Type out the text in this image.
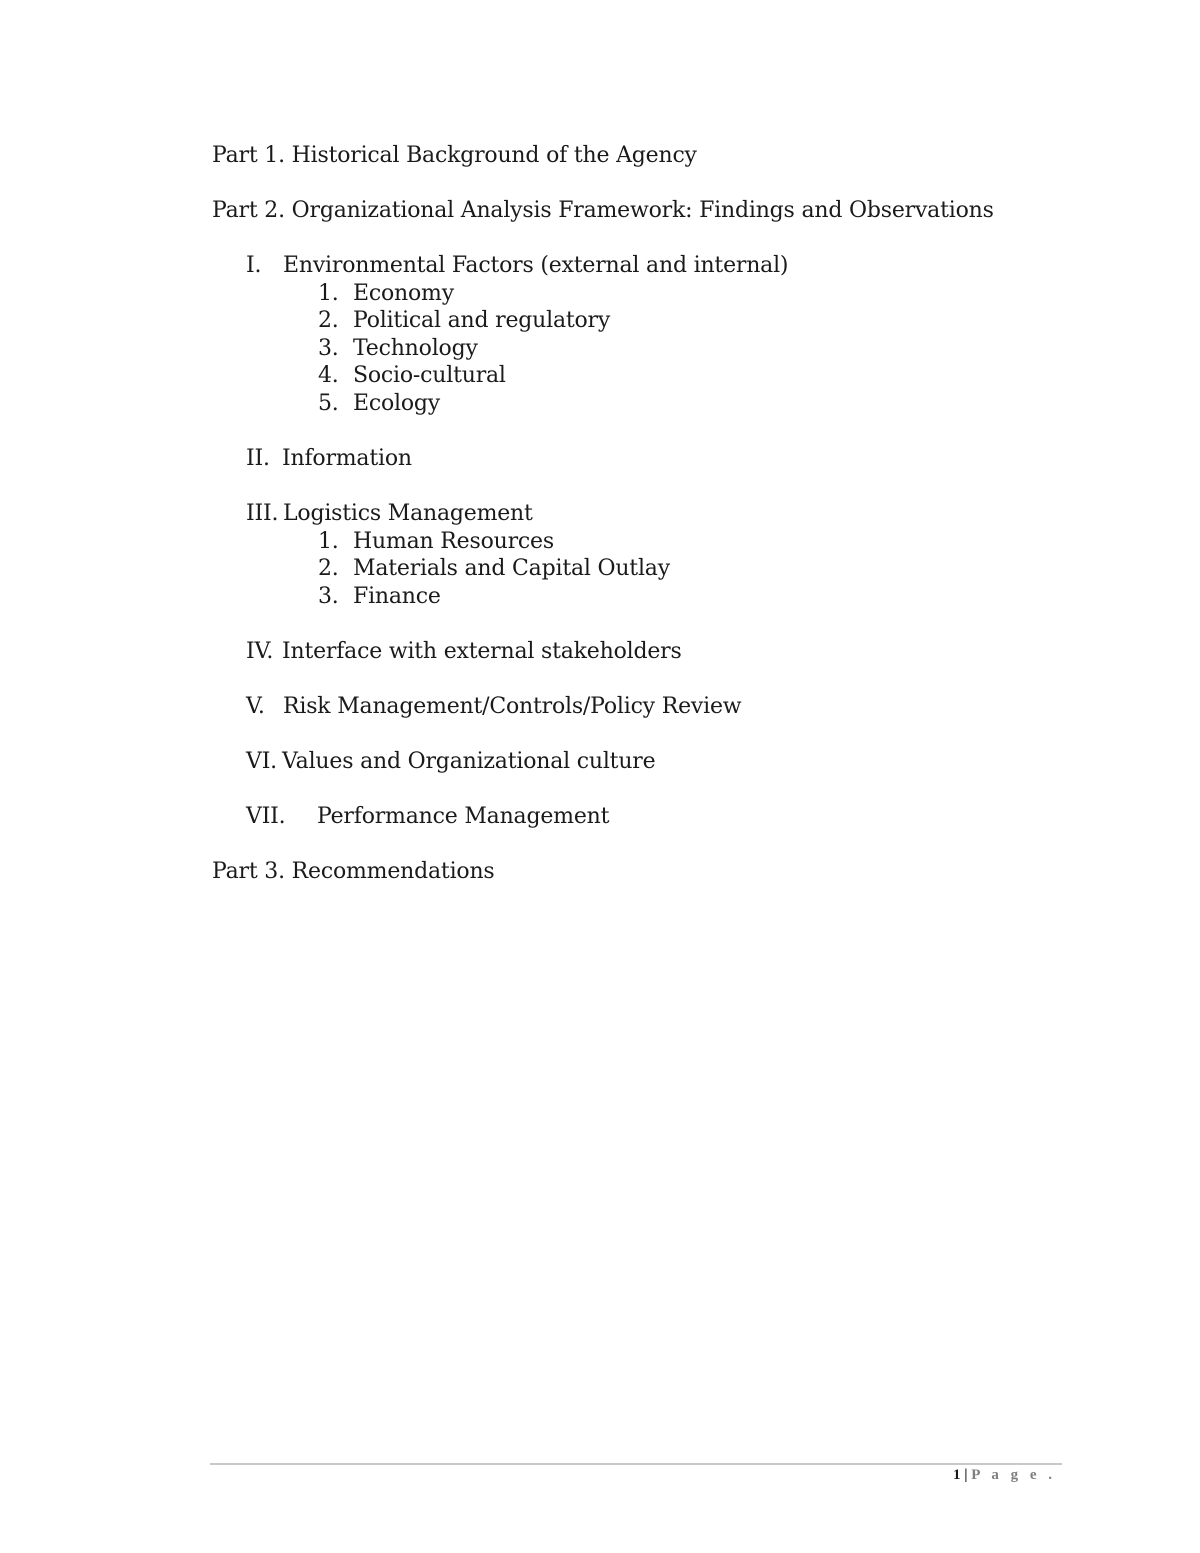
Part 1. Historical Background of the Agency
Part 2. Organizational Analysis Framework: Findings and Observations
I. Environmental Factors (external and internal)
1. Economy
2. Political and regulatory
3. Technology
4. Socio-cultural
5. Ecology
II. Information
III. Logistics Management
1. Human Resources
2. Materials and Capital Outlay
3. Finance
IV. Interface with external stakeholders
V. Risk Management/Controls/Policy Review
VI. Values and Organizational culture
VII. Performance Management
Part 3. Recommendations
1 | P a g e .
